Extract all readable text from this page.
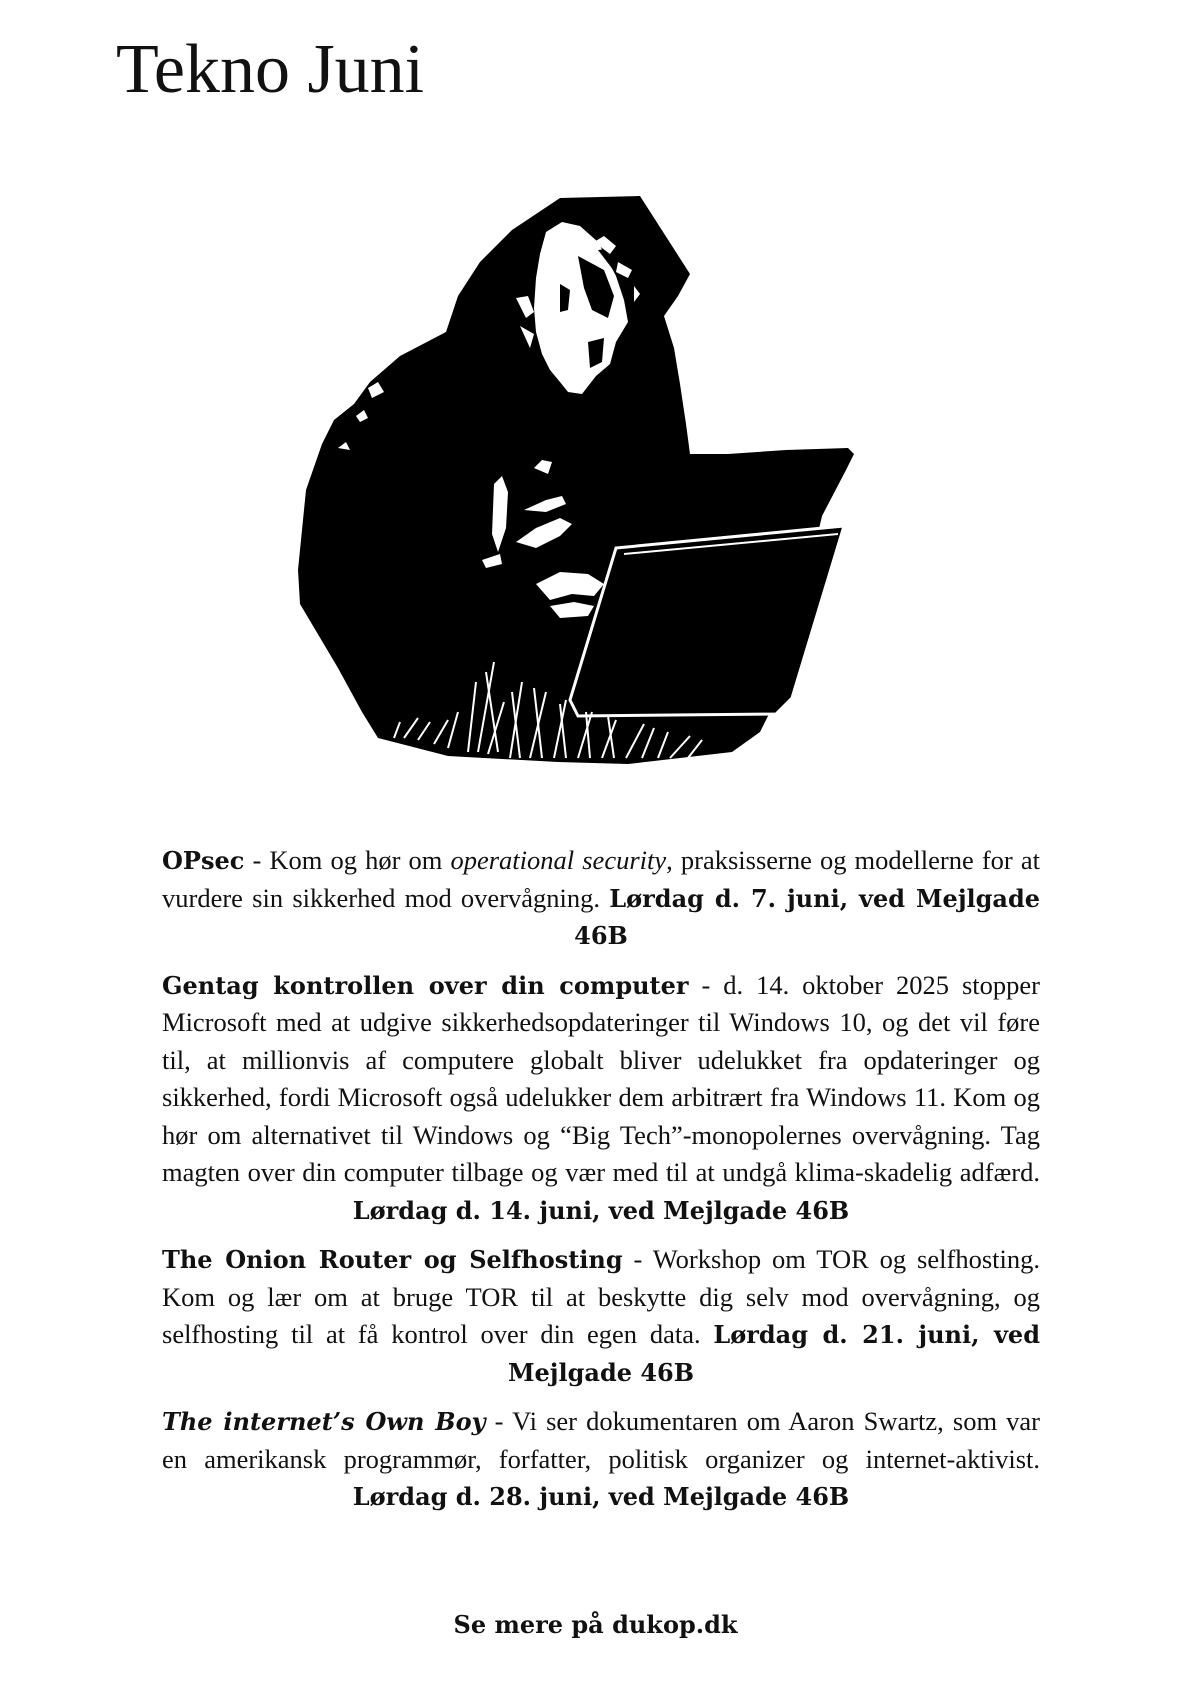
Tekno Juni

OPsec - Kom og hør om operational security, praksisserne og modellerne for at vurdere sin sikkerhed mod overvågning. Lørdag d. 7. juni, ved Mejlgade 46B

Gentag kontrollen over din computer - d. 14. oktober 2025 stopper Microsoft med at udgive sikkerhedsopdateringer til Windows 10, og det vil føre til, at millionvis af computere globalt bliver udelukket fra opdateringer og sikkerhed, fordi Microsoft også udelukker dem arbitrært fra Windows 11. Kom og hør om alternativet til Windows og “Big Tech”-monopolernes overvågning. Tag magten over din computer tilbage og vær med til at undgå klima-skadelig adfærd. Lørdag d. 14. juni, ved Mejlgade 46B

The Onion Router og Selfhosting - Workshop om TOR og selfhosting. Kom og lær om at bruge TOR til at beskytte dig selv mod overvågning, og selfhosting til at få kontrol over din egen data. Lørdag d. 21. juni, ved Mejlgade 46B

The internet’s Own Boy - Vi ser dokumentaren om Aaron Swartz, som var en amerikansk programmør, forfatter, politisk organizer og internet-aktivist. Lørdag d. 28. juni, ved Mejlgade 46B

Se mere på dukop.dk
